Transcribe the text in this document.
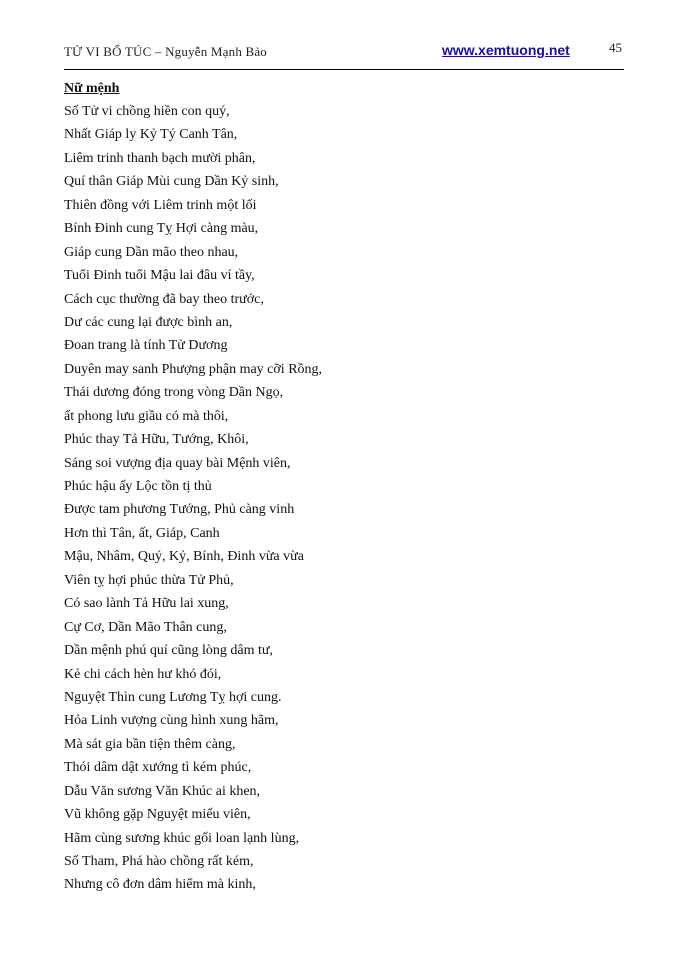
TỬ VI BỔ TÚC – Nguyễn Mạnh Bảo	www.xemtuong.net	45
Nữ mệnh
Số Tử vi chồng hiền con quý,
Nhất Giáp ly Kỷ Tý Canh Tân,
Liêm trinh thanh bạch mười phân,
Quí thân Giáp Mùi cung Dần Kỷ sinh,
Thiên đồng với Liêm trinh một lối
Bính Đinh cung Tỵ Hợi càng màu,
Giáp cung Dần mão theo nhau,
Tuổi Đinh tuổi Mậu lai đâu ví tầy,
Cách cục thường đã bay theo trước,
Dư các cung lại được bình an,
Đoan trang là tính Tử Dương
Duyên may sanh Phượng phận may cỡi Rồng,
Thái dương đóng trong vòng Dần Ngọ,
ất phong lưu giầu có mà thôi,
Phúc thay Tả Hữu, Tướng, Khôi,
Sáng soi vượng địa quay bài Mệnh viên,
Phúc hậu ấy Lộc tồn tị thủ
Được tam phương Tướng, Phủ càng vinh
Hơn thì Tân, ất, Giáp, Canh
Mậu, Nhâm, Quý, Kỷ, Bính, Đinh vừa vừa
Viên tỵ hợi phúc thừa Tử Phủ,
Có sao lành Tả Hữu lai xung,
Cự Cơ, Dần Mão Thân cung,
Dần mệnh phú quí cũng lòng dâm tư,
Kẻ chi cách hèn hư khó đói,
Nguyệt Thìn cung Lương Tỵ hợi cung.
Hỏa Linh vượng cùng hình xung hãm,
Mà sát gia bần tiện thêm càng,
Thói dâm dật xướng tì kém phúc,
Dẫu Văn sương Văn Khúc ai khen,
Vũ không gặp Nguyệt miếu viên,
Hãm cùng sương khúc gối loan lạnh lùng,
Số Tham, Phá hào chồng rất kém,
Nhưng cô đơn dâm hiểm mà kinh,
